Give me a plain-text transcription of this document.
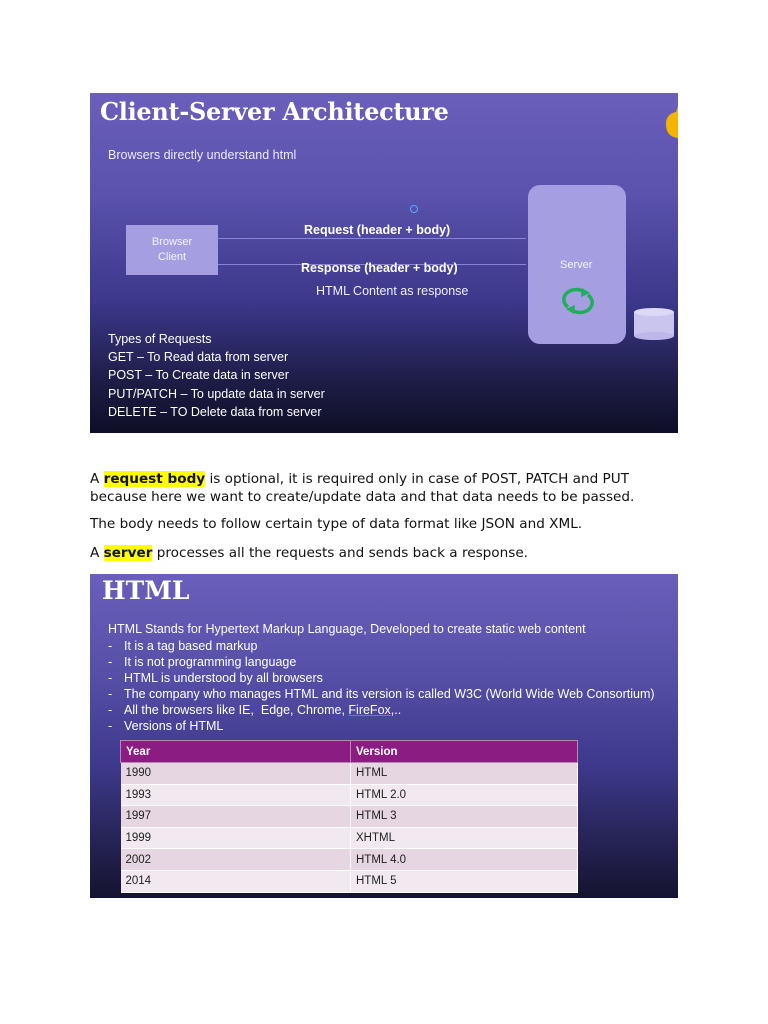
Client-Server Architecture
Browsers directly understand html
Browser
Client
Request (header + body)
Response (header + body)
HTML Content as response
Server
Types of Requests
GET – To Read data from server
POST – To Create data in server
PUT/PATCH – To update data in server
DELETE – TO Delete data from server
A request body is optional, it is required only in case of POST, PATCH and PUT
because here we want to create/update data and that data needs to be passed.
The body needs to follow certain type of data format like JSON and XML.
A server processes all the requests and sends back a response.
HTML
HTML Stands for Hypertext Markup Language, Developed to create static web content
- It is a tag based markup
- It is not programming language
- HTML is understood by all browsers
- The company who manages HTML and its version is called W3C (World Wide Web Consortium)
- All the browsers like IE,  Edge, Chrome, FireFox ,..
- Versions of HTML
Year	Version
1990	HTML
1993	HTML 2.0
1997	HTML 3
1999	XHTML
2002	HTML 4.0
2014	HTML 5
